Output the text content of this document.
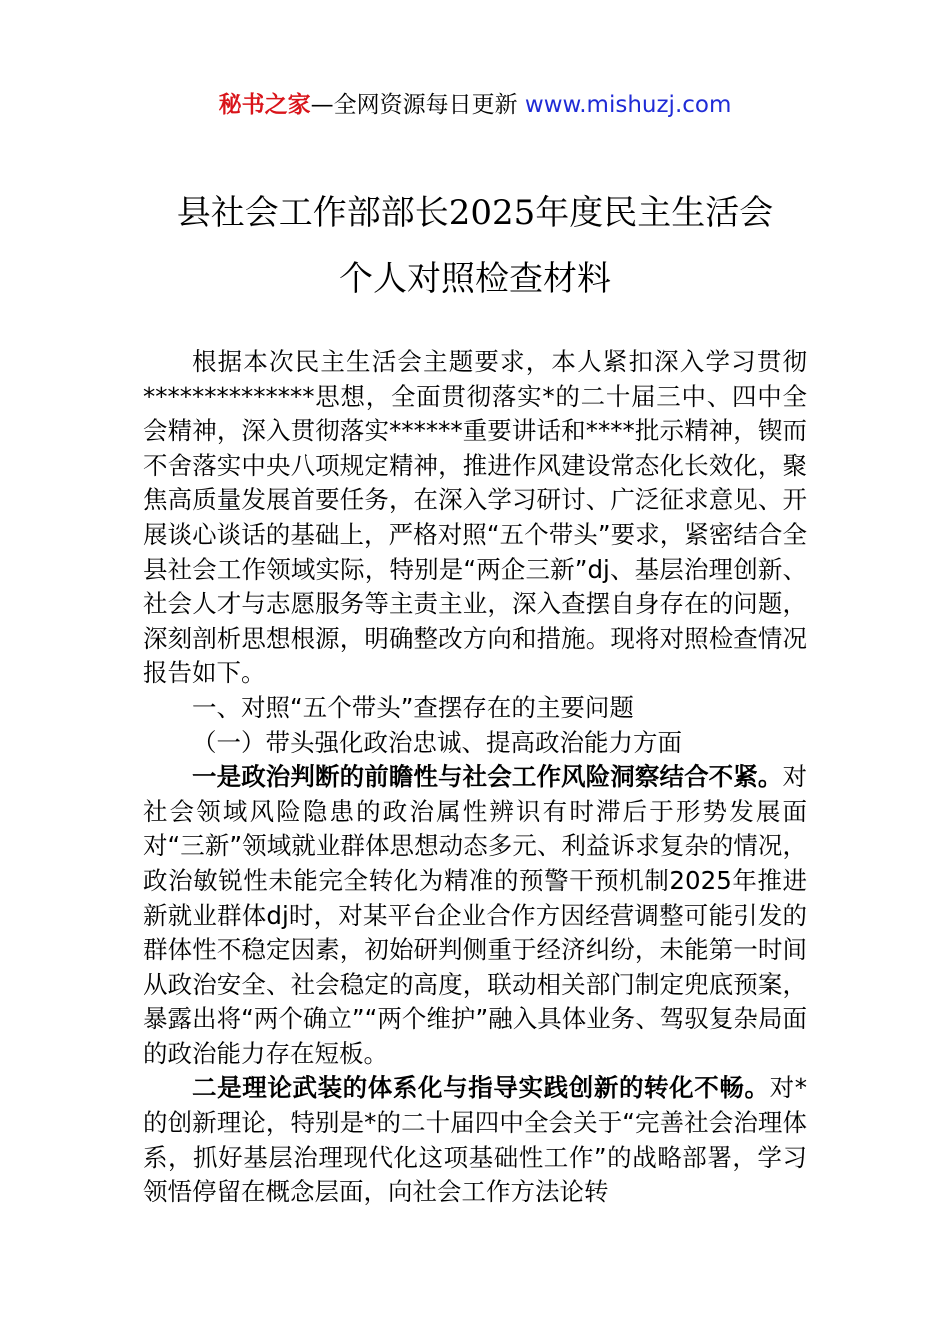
秘书之家—全网资源每日更新 www.mishuzj.com
县社会工作部部长2025年度民主生活会
个人对照检查材料

根据本次民主生活会主题要求，本人紧扣深入学习贯彻**************思想，全面贯彻落实*的二十届三中、四中全会精神，深入贯彻落实******重要讲话和****批示精神，锲而不舍落实中央八项规定精神，推进作风建设常态化长效化，聚焦高质量发展首要任务，在深入学习研讨、广泛征求意见、开展谈心谈话的基础上，严格对照“五个带头”要求，紧密结合全县社会工作领域实际，特别是“两企三新”dj、基层治理创新、社会人才与志愿服务等主责主业，深入查摆自身存在的问题，深刻剖析思想根源，明确整改方向和措施。现将对照检查情况报告如下。

一、对照“五个带头”查摆存在的主要问题

（一）带头强化政治忠诚、提高政治能力方面

一是政治判断的前瞻性与社会工作风险洞察结合不紧。对社会领域风险隐患的政治属性辨识有时滞后于形势发展面对“三新”领域就业群体思想动态多元、利益诉求复杂的情况，政治敏锐性未能完全转化为精准的预警干预机制2025年推进新就业群体dj时，对某平台企业合作方因经营调整可能引发的群体性不稳定因素，初始研判侧重于经济纠纷，未能第一时间从政治安全、社会稳定的高度，联动相关部门制定兜底预案，暴露出将“两个确立”“两个维护”融入具体业务、驾驭复杂局面的政治能力存在短板。

二是理论武装的体系化与指导实践创新的转化不畅。对*的创新理论，特别是*的二十届四中全会关于“完善社会治理体系，抓好基层治理现代化这项基础性工作”的战略部署，学习领悟停留在概念层面，向社会工作方法论转
